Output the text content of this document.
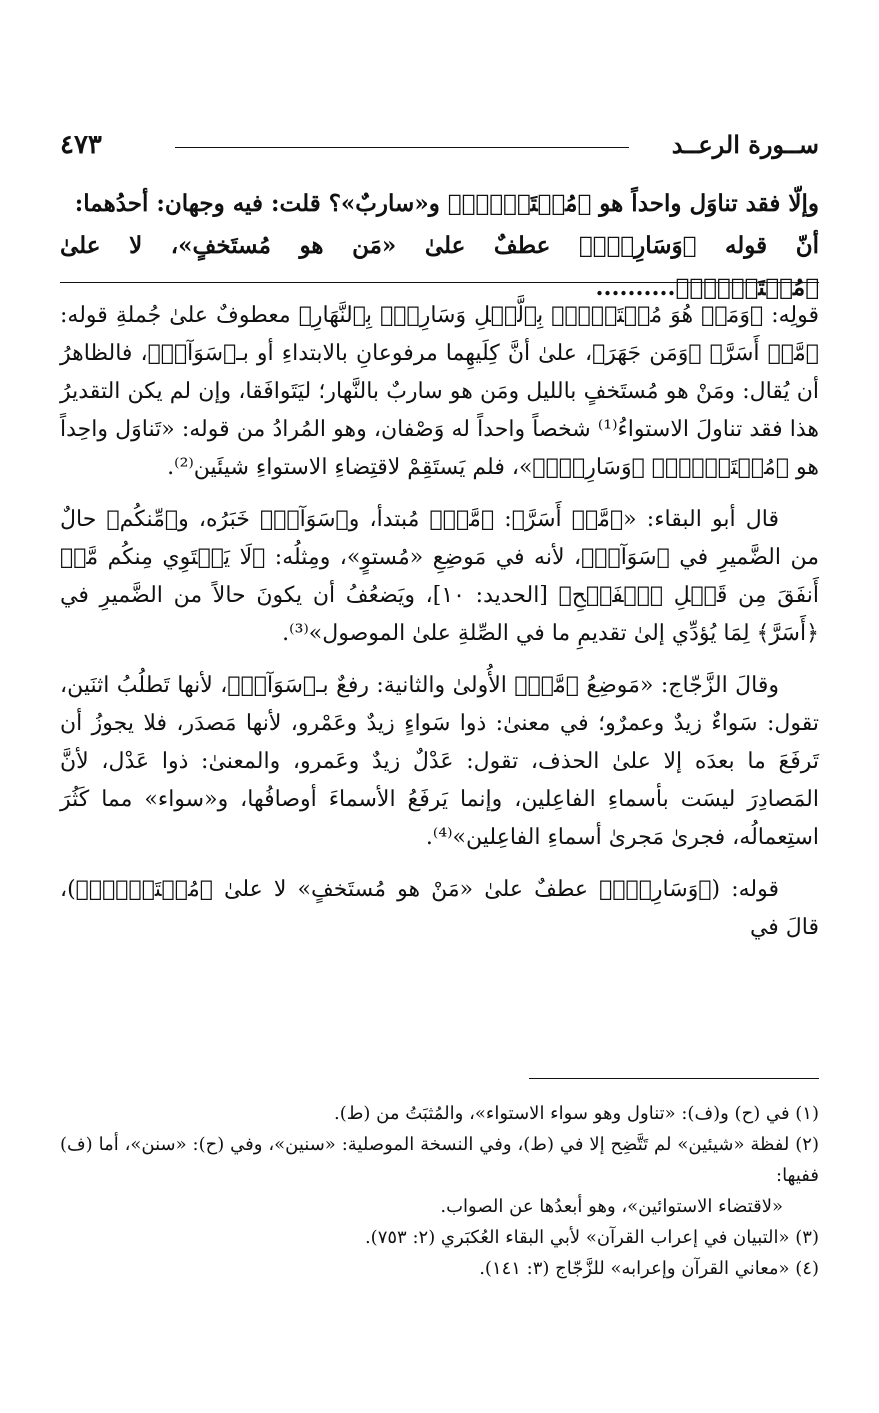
ســورة الرعــد
٤٧٣

وإلّا فقد تناوَل واحداً هو ﴿مُسۡتَخۡفِۭ﴾ و«ساربٌ»؟ قلت: فيه وجهان: أحدُهما:

أنّ قوله ﴿وَسَارِبُۢ﴾ عطفٌ علىٰ «مَن هو مُستَخفٍ»، لا علىٰ ﴿مُسۡتَخۡفِۭ﴾..........

قولِه: ﴿وَمَنۡ هُوَ مُسۡتَخۡفِۭ بِٱلَّيۡلِ وَسَارِبُۢ بِٱلنَّهَارِ﴾ معطوفٌ علىٰ جُملةِ قوله: ﴿مَّنۡ أَسَرَّ﴾ ﴿وَمَن جَهَرَ﴾، علىٰ أنَّ كِلَيهِما مرفوعانِ بالابتداءِ أو بـ﴿سَوَآءٞ﴾، فالظاهرُ أن يُقال: ومَنْ هو مُستَخفٍ بالليل ومَن هو ساربٌ بالنَّهار؛ ليَتَوافَقا، وإن لم يكن التقديرُ هذا فقد تناولَ الاستواءُ⁽¹⁾ شخصاً واحداً له وَصْفان، وهو المُرادُ من قوله: «تَناوَل واحِداً هو ﴿مُسۡتَخۡفِۭ﴾ ﴿وَسَارِبُۢ﴾»، فلم يَستَقِمْ لاقتِضاءِ الاستواءِ شيئَين⁽²⁾.

قال أبو البقاء: «﴿مَّنۡ أَسَرَّ﴾: ﴿مَّنۡ﴾ مُبتدأ، و﴿سَوَآءٞ﴾ خَبَرُه، و﴿مِّنكُم﴾ حالٌ من الضَّميرِ في ﴿سَوَآءٞ﴾، لأنه في مَوضِعِ «مُستوٍ»، ومِثلُه: ﴿لَا يَسۡتَوِي مِنكُم مَّنۡ أَنفَقَ مِن قَبۡلِ ٱلۡفَتۡحِ﴾ [الحديد: ١٠]، ويَضعُفُ أن يكونَ حالاً من الضَّميرِ في ﴿أَسَرَّ﴾ لِمَا يُؤدِّي إلىٰ تقديمِ ما في الصِّلةِ علىٰ الموصول»⁽³⁾.

وقالَ الزَّجّاج: «مَوضِعُ ﴿مَّنۡ﴾ الأُولىٰ والثانية: رفعٌ بـ﴿سَوَآءٞ﴾، لأنها تَطلُبُ اثنَين، تقول: سَواءٌ زيدٌ وعمرٌو؛ في معنىٰ: ذوا سَواءٍ زيدٌ وعَمْرو، لأنها مَصدَر، فلا يجوزُ أن تَرفَعَ ما بعدَه إلا علىٰ الحذف، تقول: عَدْلٌ زيدٌ وعَمرو، والمعنىٰ: ذوا عَدْل، لأنَّ المَصادِرَ ليسَت بأسماءِ الفاعِلين، وإنما يَرفَعُ الأسماءَ أوصافُها، و«سواء» مما كَثُرَ استِعمالُه، فجرىٰ مَجرىٰ أسماءِ الفاعِلين»⁽⁴⁾.

قوله: (﴿وَسَارِبُۢ﴾ عطفٌ علىٰ «مَنْ هو مُستَخفٍ» لا علىٰ ﴿مُسۡتَخۡفِۭ﴾)، قالَ في

(١) في (ح) و(ف): «تناول وهو سواء الاستواء»، والمُثبَتُ من (ط).

(٢) لفظة «شيئين» لم تَتَّضِح إلا في (ط)، وفي النسخة الموصلية: «سنين»، وفي (ح): «سنن»، أما (ف) ففيها:

«لاقتضاء الاستوائين»، وهو أبعدُها عن الصواب.

(٣) «التبيان في إعراب القرآن» لأبي البقاء العُكبَري (٢: ٧٥٣).

(٤) «معاني القرآن وإعرابه» للزَّجّاج (٣: ١٤١).
